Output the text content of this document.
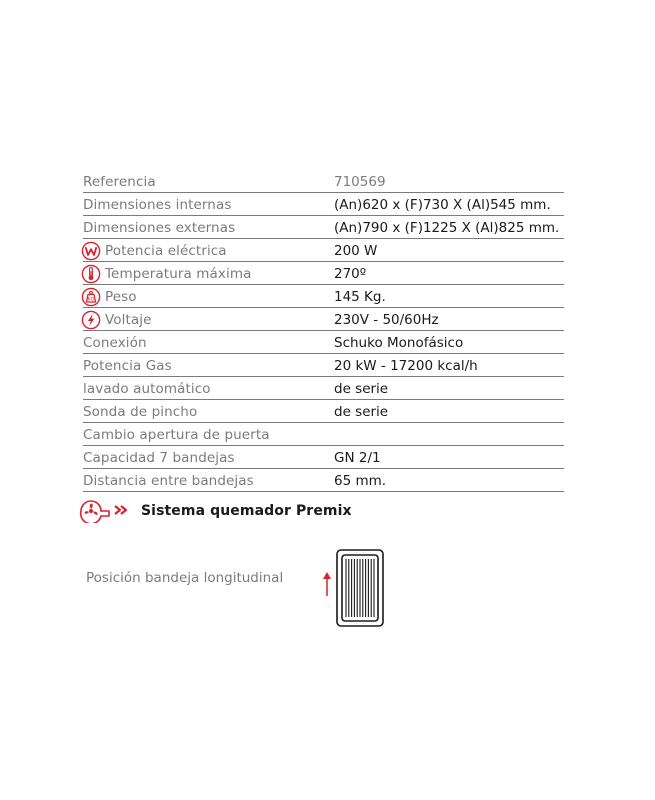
Referencia	710569
Dimensiones internas	(An)620 x (F)730 X (Al)545 mm.
Dimensiones externas	(An)790 x (F)1225 X (Al)825 mm.
Potencia eléctrica	200 W
Temperatura máxima	270º
KG Peso	145 Kg.
Voltaje	230V - 50/60Hz
Conexión	Schuko Monofásico
Potencia Gas	20 kW - 17200 kcal/h
lavado automático	de serie
Sonda de pincho	de serie
Cambio apertura de puerta
Capacidad 7 bandejas	GN 2/1
Distancia entre bandejas	65 mm.
Sistema quemador Premix
Posición bandeja longitudinal
